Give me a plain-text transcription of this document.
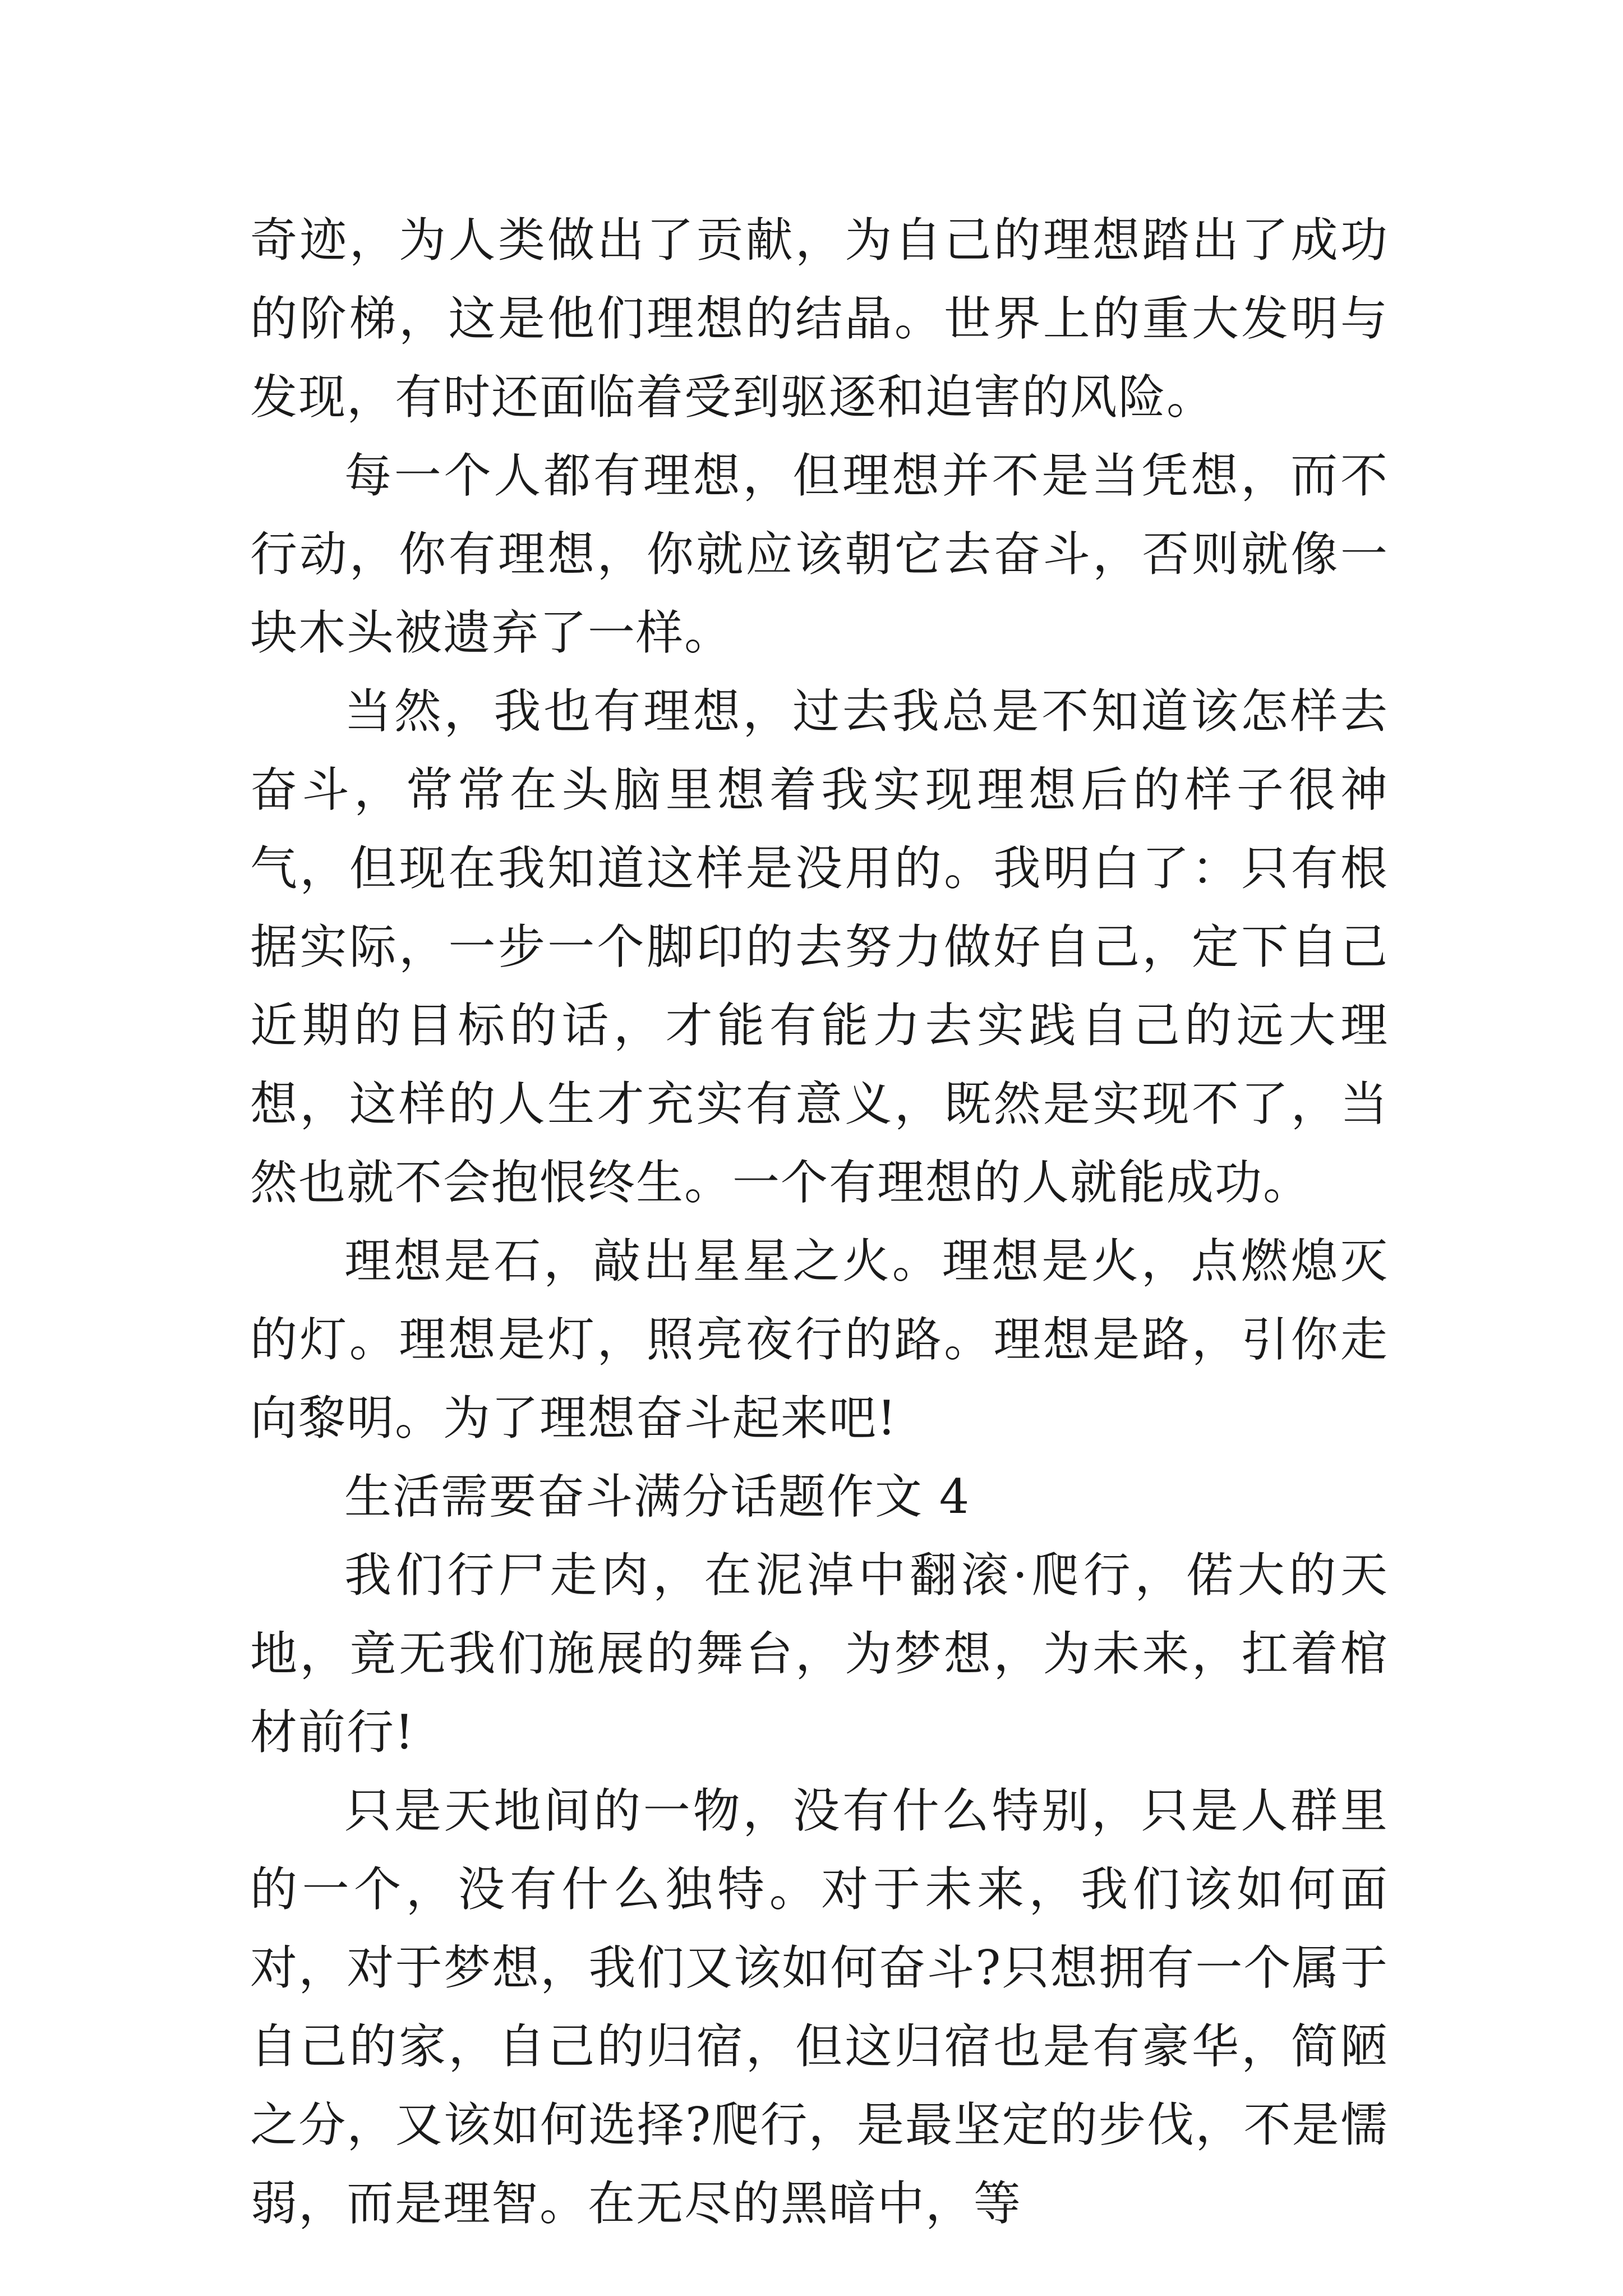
奇迹，为人类做出了贡献，为自己的理想踏出了成功的阶梯，这是他们理想的结晶。世界上的重大发明与发现，有时还面临着受到驱逐和迫害的风险。

每一个人都有理想，但理想并不是当凭想，而不行动，你有理想，你就应该朝它去奋斗，否则就像一块木头被遗弃了一样。

当然，我也有理想，过去我总是不知道该怎样去奋斗，常常在头脑里想着我实现理想后的样子很神气，但现在我知道这样是没用的。我明白了：只有根据实际，一步一个脚印的去努力做好自己，定下自己近期的目标的话，才能有能力去实践自己的远大理想，这样的人生才充实有意义，既然是实现不了，当然也就不会抱恨终生。一个有理想的人就能成功。

理想是石，敲出星星之火。理想是火，点燃熄灭的灯。理想是灯，照亮夜行的路。理想是路，引你走向黎明。为了理想奋斗起来吧!

生活需要奋斗满分话题作文 4

我们行尸走肉，在泥淖中翻滚·爬行，偌大的天地，竟无我们施展的舞台，为梦想，为未来，扛着棺材前行!

只是天地间的一物，没有什么特别，只是人群里的一个，没有什么独特。对于未来，我们该如何面对，对于梦想，我们又该如何奋斗?只想拥有一个属于自己的家，自己的归宿，但这归宿也是有豪华，简陋之分，又该如何选择?爬行，是最坚定的步伐，不是懦弱，而是理智。在无尽的黑暗中，等
